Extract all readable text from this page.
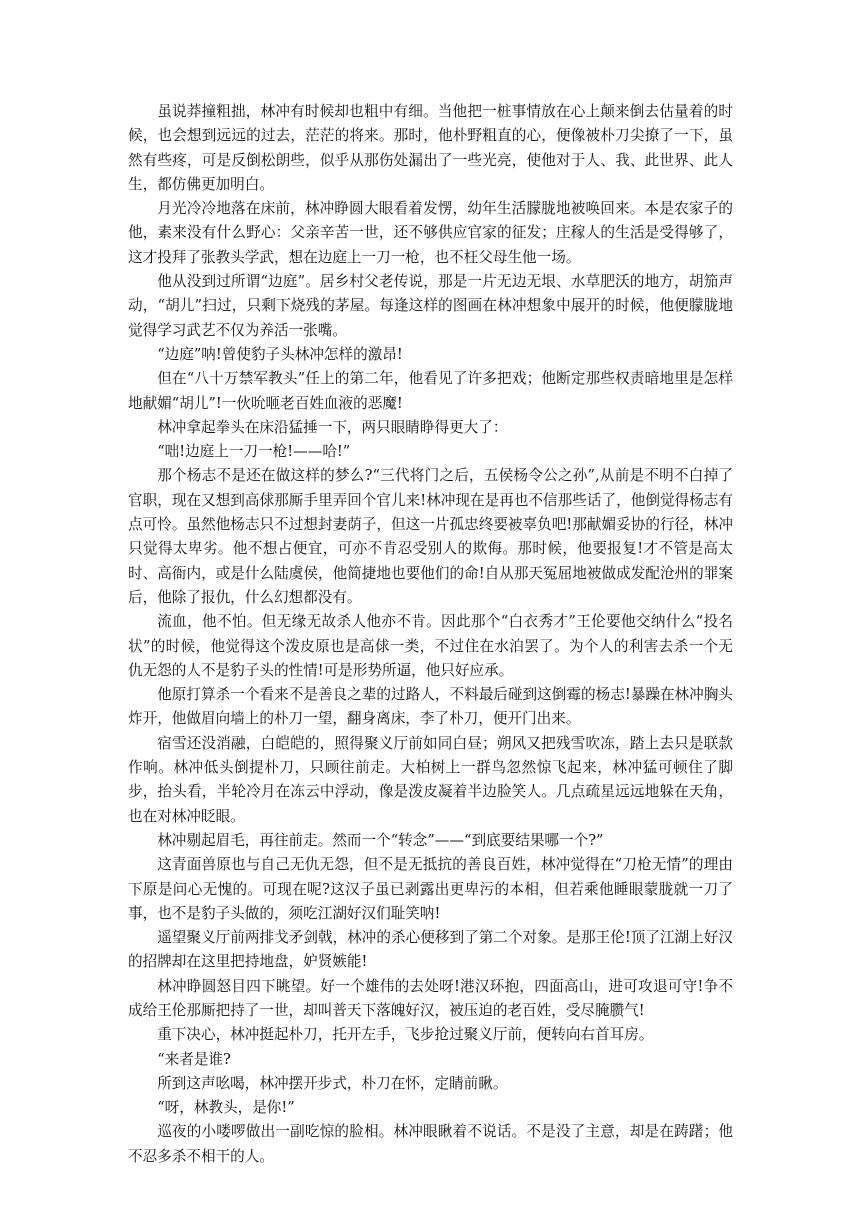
虽说莽撞粗拙，林冲有时候却也粗中有细。当他把一桩事情放在心上颠来倒去估量着的时候，也会想到远远的过去，茫茫的将来。那时，他朴野粗直的心，便像被朴刀尖撩了一下，虽然有些疼，可是反倒松朗些，似乎从那伤处漏出了一些光亮，使他对于人、我、此世界、此人生，都仿佛更加明白。

月光冷冷地落在床前，林冲睁圆大眼看着发愣，幼年生活朦胧地被唤回来。本是农家子的他，素来没有什么野心：父亲辛苦一世，还不够供应官家的征发；庄稼人的生活是受得够了，这才投拜了张教头学武，想在边庭上一刀一枪，也不枉父母生他一场。

他从没到过所谓“边庭”。居乡村父老传说，那是一片无边无垠、水草肥沃的地方，胡笳声动，“胡儿”扫过，只剩下烧残的茅屋。每逢这样的图画在林冲想象中展开的时候，他便朦胧地觉得学习武艺不仅为养活一张嘴。

“边庭”呐!曾使豹子头林冲怎样的激昂!

但在“八十万禁军教头”任上的第二年，他看见了许多把戏；他断定那些权责暗地里是怎样地献媚“胡儿”!一伙吮咂老百姓血液的恶魔!

林冲拿起拳头在床沿猛捶一下，两只眼睛睁得更大了：

“咄!边庭上一刀一枪!——哈!”

那个杨志不是还在做这样的梦么?“三代将门之后，五侯杨令公之孙”,从前是不明不白掉了官职，现在又想到高俅那厮手里弄回个官儿来!林冲现在是再也不信那些话了，他倒觉得杨志有点可怜。虽然他杨志只不过想封妻荫子，但这一片孤忠终要被辜负吧!那献媚妥协的行径，林冲只觉得太卑劣。他不想占便宜，可亦不肯忍受别人的欺侮。那时候，他要报复!才不管是高太时、高衙内，或是什么陆虞侯，他简捷地也要他们的命!自从那天冤屈地被做成发配沧州的罪案后，他除了报仇，什么幻想都没有。

流血，他不怕。但无缘无故杀人他亦不肯。因此那个“白衣秀才”王伦要他交纳什么“投名状”的时候，他觉得这个泼皮原也是高俅一类，不过住在水泊罢了。为个人的利害去杀一个无仇无怨的人不是豹子头的性情!可是形势所逼，他只好应承。

他原打算杀一个看来不是善良之辈的过路人，不料最后碰到这倒霉的杨志!暴躁在林冲胸头炸开，他做眉向墙上的朴刀一望，翻身离床，李了朴刀，便开门出来。

宿雪还没消融，白皑皑的，照得聚义厅前如同白昼；朔风又把残雪吹冻，踏上去只是联款作响。林冲低头倒提朴刀，只顾往前走。大柏树上一群鸟忽然惊飞起来，林冲猛可顿住了脚步，抬头看，半轮冷月在冻云中浮动，像是泼皮凝着半边脸笑人。几点疏星远远地躲在天角，也在对林冲眨眼。

林冲剔起眉毛，再往前走。然而一个“转念”——“到底要结果哪一个?”

这青面兽原也与自己无仇无怨，但不是无抵抗的善良百姓，林冲觉得在“刀枪无情”的理由下原是问心无愧的。可现在呢?这汉子虽已剥露出更卑污的本相，但若乘他睡眼蒙胧就一刀了事，也不是豹子头做的，须吃江湖好汉们耻笑呐!

遥望聚义厅前两排戈矛剑戟，林冲的杀心便移到了第二个对象。是那王伦!顶了江湖上好汉的招牌却在这里把持地盘，妒贤嫉能!

林冲睁圆怒目四下眺望。好一个雄伟的去处呀!港汉环抱，四面高山，进可攻退可守!争不成给王伦那厮把持了一世，却叫普天下落魄好汉，被压迫的老百姓，受尽腌臜气!

重下决心，林冲挺起朴刀，托开左手，飞步抢过聚义厅前，便转向右首耳房。

“来者是谁?

所到这声吆喝，林冲摆开步式，朴刀在怀，定睛前瞅。

“呀，林教头，是你!”

巡夜的小喽啰做出一副吃惊的脸相。林冲眼瞅着不说话。不是没了主意，却是在踌躇；他不忍多杀不相干的人。
